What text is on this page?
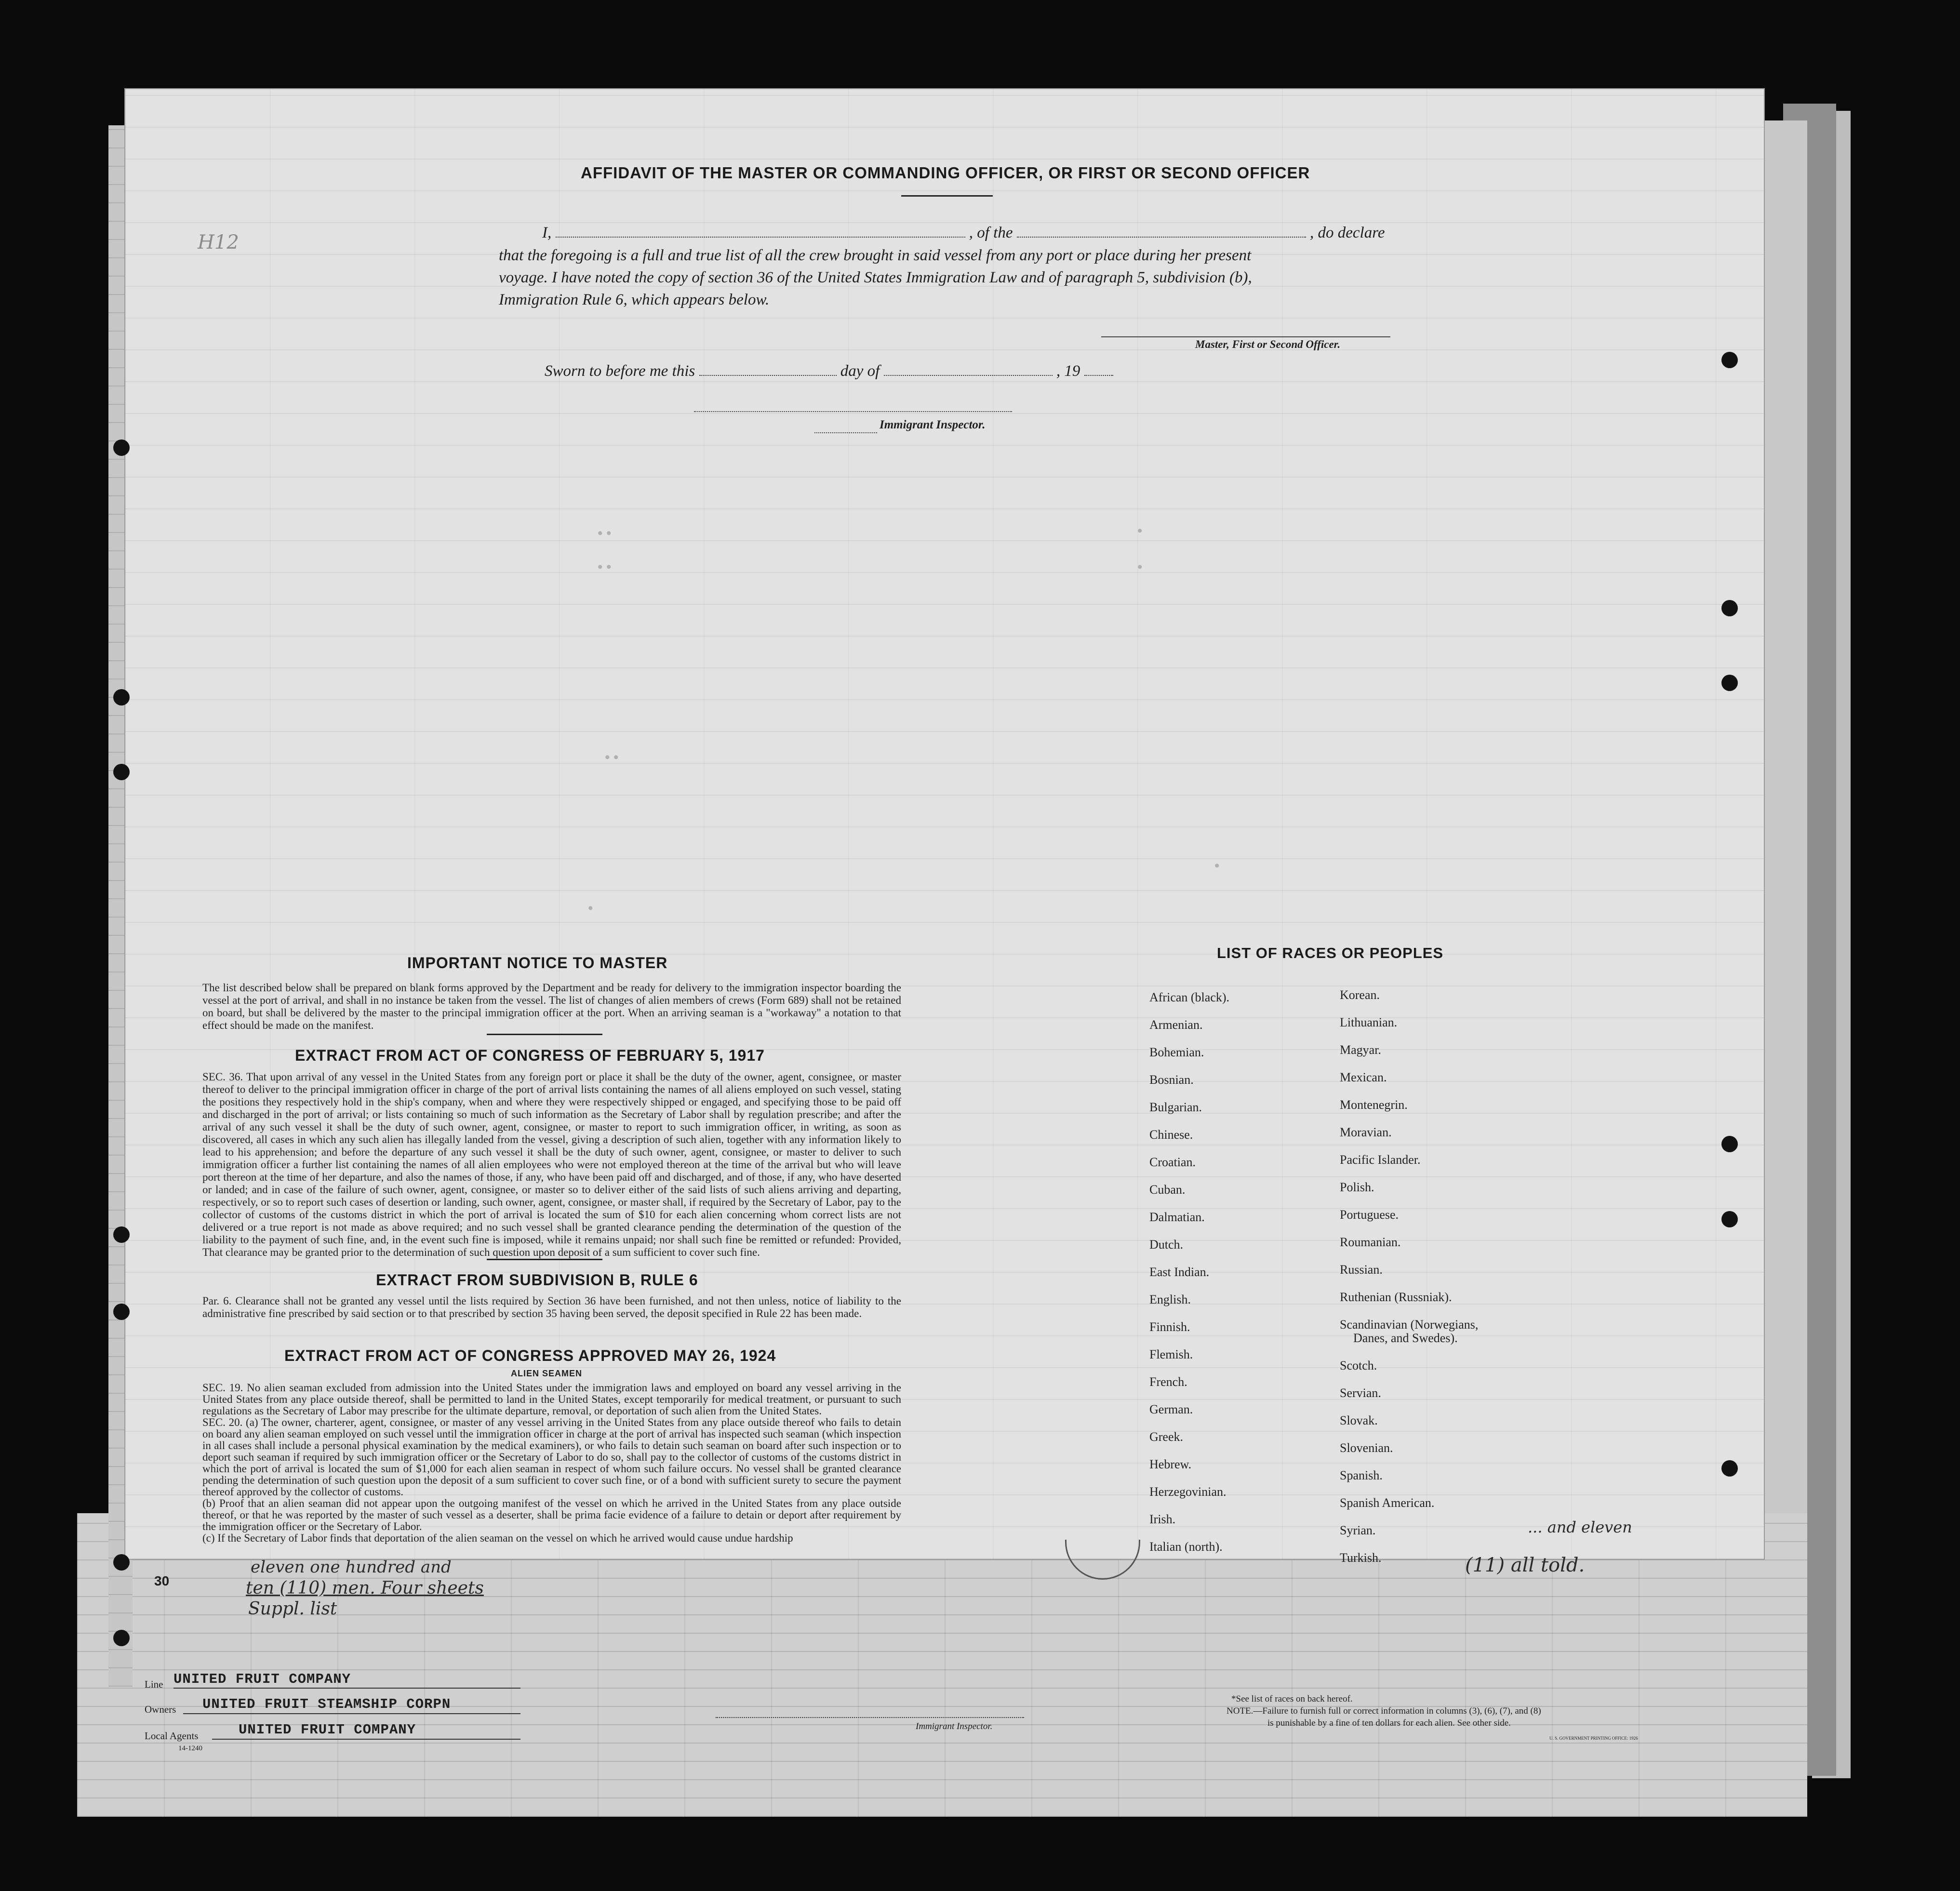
AFFIDAVIT OF THE MASTER OR COMMANDING OFFICER, OR FIRST OR SECOND OFFICER
I,	, of the	, do declare
that the foregoing is a full and true list of all the crew brought in said vessel from any port or place during her present
voyage. I have noted the copy of section 36 of the United States Immigration Law and of paragraph 5, subdivision (b),
Immigration Rule 6, which appears below.
Master, First or Second Officer.
Sworn to before me this	day of	, 19
Immigrant Inspector.
• •	•
• •	•
• •
•
•
IMPORTANT NOTICE TO MASTER
The list described below shall be prepared on blank forms approved by the Department and be ready for delivery to the immigration inspector boarding the vessel at the port of arrival, and shall in no instance be taken from the vessel. The list of changes of alien members of crews (Form 689) shall not be retained on board, but shall be delivered by the master to the principal immigration officer at the port. When an arriving seaman is a "workaway" a notation to that effect should be made on the manifest.
EXTRACT FROM ACT OF CONGRESS OF FEBRUARY 5, 1917
SEC. 36. That upon arrival of any vessel in the United States from any foreign port or place it shall be the duty of the owner, agent, consignee, or master thereof to deliver to the principal immigration officer in charge of the port of arrival lists containing the names of all aliens employed on such vessel, stating the positions they respectively hold in the ship's company, when and where they were respectively shipped or engaged, and specifying those to be paid off and discharged in the port of arrival; or lists containing so much of such information as the Secretary of Labor shall by regulation prescribe; and after the arrival of any such vessel it shall be the duty of such owner, agent, consignee, or master to report to such immigration officer, in writing, as soon as discovered, all cases in which any such alien has illegally landed from the vessel, giving a description of such alien, together with any information likely to lead to his apprehension; and before the departure of any such vessel it shall be the duty of such owner, agent, consignee, or master to deliver to such immigration officer a further list containing the names of all alien employees who were not employed thereon at the time of the arrival but who will leave port thereon at the time of her departure, and also the names of those, if any, who have been paid off and discharged, and of those, if any, who have deserted or landed; and in case of the failure of such owner, agent, consignee, or master so to deliver either of the said lists of such aliens arriving and departing, respectively, or so to report such cases of desertion or landing, such owner, agent, consignee, or master shall, if required by the Secretary of Labor, pay to the collector of customs of the customs district in which the port of arrival is located the sum of $10 for each alien concerning whom correct lists are not delivered or a true report is not made as above required; and no such vessel shall be granted clearance pending the determination of the question of the liability to the payment of such fine, and, in the event such fine is imposed, while it remains unpaid; nor shall such fine be remitted or refunded: Provided, That clearance may be granted prior to the determination of such question upon deposit of a sum sufficient to cover such fine.
EXTRACT FROM SUBDIVISION B, RULE 6
Par. 6. Clearance shall not be granted any vessel until the lists required by Section 36 have been furnished, and not then unless, notice of liability to the administrative fine prescribed by said section or to that prescribed by section 35 having been served, the deposit specified in Rule 22 has been made.
EXTRACT FROM ACT OF CONGRESS APPROVED MAY 26, 1924
ALIEN SEAMEN
SEC. 19. No alien seaman excluded from admission into the United States under the immigration laws and employed on board any vessel arriving in the United States from any place outside thereof, shall be permitted to land in the United States, except temporarily for medical treatment, or pursuant to such regulations as the Secretary of Labor may prescribe for the ultimate departure, removal, or deportation of such alien from the United States.
SEC. 20. (a) The owner, charterer, agent, consignee, or master of any vessel arriving in the United States from any place outside thereof who fails to detain on board any alien seaman employed on such vessel until the immigration officer in charge at the port of arrival has inspected such seaman (which inspection in all cases shall include a personal physical examination by the medical examiners), or who fails to detain such seaman on board after such inspection or to deport such seaman if required by such immigration officer or the Secretary of Labor to do so, shall pay to the collector of customs of the customs district in which the port of arrival is located the sum of $1,000 for each alien seaman in respect of whom such failure occurs. No vessel shall be granted clearance pending the determination of such question upon the deposit of a sum sufficient to cover such fine, or of a bond with sufficient surety to secure the payment thereof approved by the collector of customs.
(b) Proof that an alien seaman did not appear upon the outgoing manifest of the vessel on which he arrived in the United States from any place outside thereof, or that he was reported by the master of such vessel as a deserter, shall be prima facie evidence of a failure to detain or deport after requirement by the immigration officer or the Secretary of Labor.
(c) If the Secretary of Labor finds that deportation of the alien seaman on the vessel on which he arrived would cause undue hardship
LIST OF RACES OR PEOPLES
African (black).
Armenian.
Bohemian.
Bosnian.
Bulgarian.
Chinese.
Croatian.
Cuban.
Dalmatian.
Dutch.
East Indian.
English.
Finnish.
Flemish.
French.
German.
Greek.
Hebrew.
Herzegovinian.
Irish.
Italian (north).
Korean.
Lithuanian.
Magyar.
Mexican.
Montenegrin.
Moravian.
Pacific Islander.
Polish.
Portuguese.
Roumanian.
Russian.
Ruthenian (Russniak).
Scandinavian (Norwegians,
Danes, and Swedes).
Scotch.
Servian.
Slovak.
Slovenian.
Spanish.
Spanish American.
Syrian.
Turkish.
H12
30
eleven one hundred and
ten (110) men. Four sheets
Suppl. list
... and eleven
(11) all told.
Line UNITED FRUIT COMPANY
Owners UNITED FRUIT STEAMSHIP CORPN
Local Agents	UNITED FRUIT COMPANY
14-1240
Immigrant Inspector.
*See list of races on back hereof.
NOTE.—Failure to furnish full or correct information in columns (3), (6), (7), and (8)
is punishable by a fine of ten dollars for each alien. See other side.
U. S. GOVERNMENT PRINTING OFFICE: 1926
